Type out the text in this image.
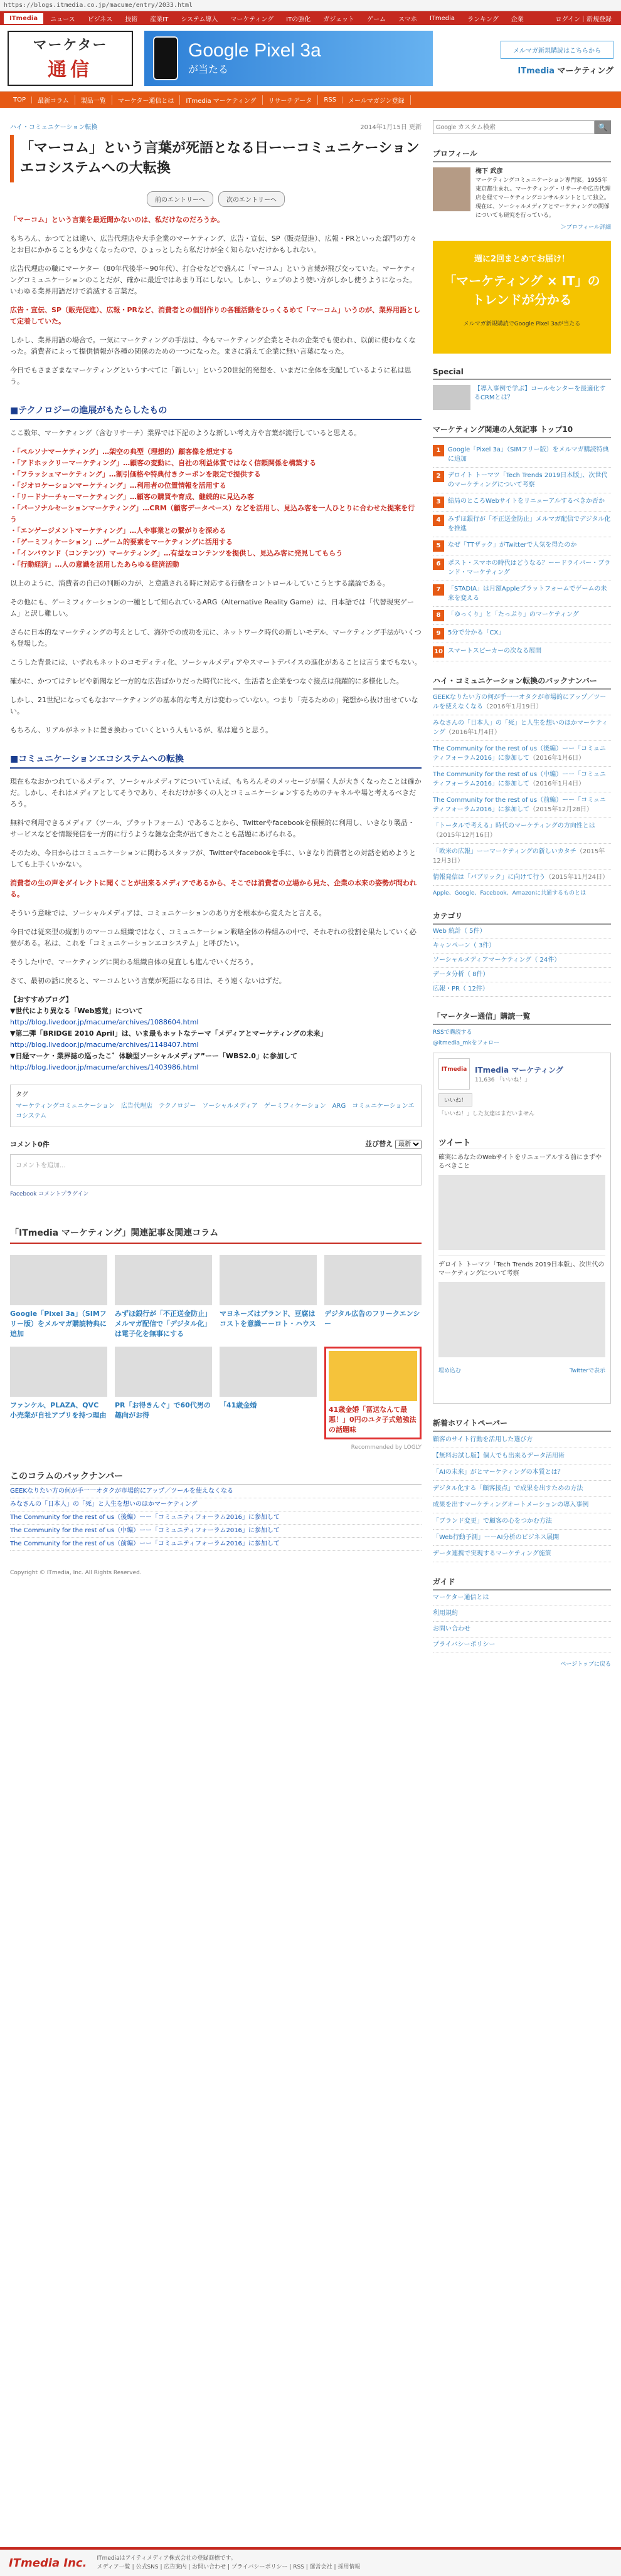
https://blogs.itmedia.co.jp/macume/entry/2033.html
ITmedia	ニュース	ビジネス	技術	産業IT	システム導入	マーケティング	ITの強化	ガジェット	ゲーム	スマホ	ITmedia	ランキング	企業	ログイン｜新規登録
マーケター
通信
Google Pixel 3a
が当たる
メルマガ新規購読はこちらから
ITmedia マーケティング
TOP	最新コラム	製品一覧	マーケター通信とは	ITmedia マーケティング	リサーチデータ	RSS	メールマガジン登録
ハイ・コミュニケーション転換	2014年1月15日 更新
「マーコム」という言葉が死語となる日ーーコミュニケーションエコシステムへの大転換
前のエントリーへ	次のエントリーへ

「マーコム」という言葉を最近聞かないのは、私だけなのだろうか。

もちろん、かつてとは違い、広告代理店や大手企業のマーケティング、広告・宣伝、SP（販売促進）、広報・PRといった部門の方々とお目にかかることも少なくなったので、ひょっとしたら私だけが全く知らないだけかもしれない。

広告代理店の職にマーケター（80年代後半〜90年代）、打合せなどで盛んに「マーコム」という言葉が飛び交っていた。マーケティングコミュニケーションのことだが、確かに最近ではあまり耳にしない。しかし、ウェブのよう使い方がしかし使うようになった。いわゆる業界用語だけで消滅する言葉だ。

広告・宣伝、SP（販売促進）、広報・PRなど、消費者との個別作りの各種活動をひっくるめて「マーコム」いうのが、業界用語として定着していた。

しかし、業界用語の場合で。一気にマーケティングの手法は、今もマーケティング企業とそれの企業でも使われ、以前に使わなくなった。消費者によって提供情報が各種の関係のための一つになった。まさに消えて企業に無い言葉になった。

今日でもさまざまなマーケティングというすべてに「新しい」という20世紀的発想を、いまだに全体を支配しているように私は思う。

■テクノロジーの進展がもたらしたもの

ここ数年、マーケティング（含むリサーチ）業界では下記のような新しい考え方や言葉が流行していると思える。

・「ペルソナマーケティング」…架空の典型（理想的）顧客像を想定する
・「アドホックリーマーケティング」…顧客の変動に、自社の利益体質ではなく信頼関係を構築する
・「フラッシュマーケティング」…割引価格や特典付きクーポンを限定で提供する
・「ジオロケーションマーケティング」…利用者の位置情報を活用する
・「リードナーチャーマーケティング」…顧客の購買や育成、継続的に見込み客
・「パーソナルセーションマーケティング」…CRM（顧客データベース）などを活用し、見込み客を一人ひとりに合わせた提案を行う
・「エンゲージメントマーケティング」…人や事業との繋がりを深める
・「ゲーミフィケーション」…ゲーム的要素をマーケティングに活用する
・「インバウンド（コンテンツ）マーケティング」…有益なコンテンツを提供し、見込み客に発見してもらう
・「行動経済」…人の意識を活用したあらゆる経済活動

以上のように、消費者の自己の判断の力が、と意識される時に対応する行動をコントロールしていこうとする議論である。

その他にも、ゲーミフィケーションの一種として知られているARG（Alternative Reality Game）は、日本語では「代替現実ゲーム」と訳し難しい。

さらに日本的なマーケティングの考えとして、海外での成功を元に、ネットワーク時代の新しいモデル、マーケティング手法がいくつも登場した。

こうした背景には、いずれもネットのコモディティ化、ソーシャルメディアやスマートデバイスの進化があることは言うまでもない。

確かに、かつてはテレビや新聞など一方的な広告ばかりだった時代に比べ、生活者と企業をつなぐ接点は飛躍的に多様化した。

しかし、21世紀になってもなおマーケティングの基本的な考え方は変わっていない。つまり「売るための」発想から抜け出せていない。

もちろん、リアルがネットに置き換わっていくという人もいるが、私は違うと思う。

■コミュニケーションエコシステムへの転換

現在もなおかつれているメディア、ソーシャルメディアについていえば、もちろんそのメッセージが届く人が大きくなったことは確かだ。しかし、それはメディアとしてそうであり、それだけが多くの人とコミュニケーションするためのチャネルや場と考えるべきだろう。

無料で利用できるメディア（ツール、プラットフォーム）であることから、Twitterやfacebookを積極的に利用し、いきなり製品・サービスなどを情報発信を一方的に行うような雑な企業が出てきたことも話題にあげられる。

そのため、今日からはコミュニケーションに関わるスタッフが、Twitterやfacebookを手に、いきなり消費者との対話を始めようとしても上手くいかない。

消費者の生の声をダイレクトに聞くことが出来るメディアであるから、そこでは消費者の立場から見た、企業の本来の姿勢が問われる。

そういう意味では、ソーシャルメディアは、コミュニケーションのあり方を根本から変えたと言える。

今日では従来型の縦割りのマーコム組織ではなく、コミュニケーション戦略全体の枠組みの中で、それぞれの役割を果たしていく必要がある。私は、これを「コミュニケーションエコシステム」と呼びたい。

そうした中で、マーケティングに関わる組織自体の見直しも進んでいくだろう。

さて、最初の話に戻ると、マーコムという言葉が死語になる日は、そう遠くないはずだ。

【おすすめブログ】
▼世代により異なる「Web感覚」について
http://blog.livedoor.jp/macume/archives/1088604.html
▼第二弾「BRIDGE 2010 April」は、いま最もホットなテーマ「メディアとマーケティングの未来」
http://blog.livedoor.jp/macume/archives/1148407.html
▼日経マーケ・業界誌の巡ったこ゛体験型ソーシャルメディア”ーー「WBS2.0」に参加して
http://blog.livedoor.jp/macume/archives/1403986.html
タグ
マーケティングコミュニケーション　広告代理店　テクノロジー　ソーシャルメディア　ゲーミフィケーション　ARG　コミュニケーションエコシステム
コメント0件	並び替え
最新
コメントを追加...
Facebook コメントプラグイン
「ITmedia マーケティング」関連記事＆関連コラム
Google「Pixel 3a」（SIMフリー版）をメルマガ購読特典に追加
みずほ銀行が「不正送金防止」メルマガ配信で「デジタル化」は電子化を無事にする
マヨネーズはブランド、豆腐はコストを意識ーーロト・ハウス
デジタル広告のフリークエンシー
ファンケル、PLAZA、QVC 小売業が自社アプリを持つ理由
PR「お得きんぐ」で60代男の趣向がお得
「41歳金婚
41歳金婚「冨送なんて最悪！」0円のユタ子式勉強法の話題味
Recommended by LOGLY
このコラムのバックナンバー
GEEKなりたい方の何が手一一オタクが市場的にアップ／ツールを使えなくなる
みなさんの「日本人」の「死」と人生を想いのほかマーケティング
The Community for the rest of us（後編）ーー「コミュニティフォーラム2016」に参加して
The Community for the rest of us（中編）ーー「コミュニティフォーラム2016」に参加して
The Community for the rest of us（前編）ーー「コミュニティフォーラム2016」に参加して
Copyright © ITmedia, Inc. All Rights Reserved.
Google カスタム検索
🔍
プロフィール
梅下 武彦
マーケティングコミュニケーション専門家。1955年東京都生まれ。マーケティング・リサーチや広告代理店を経てマーケティングコンサルタントとして独立。現在は、ソーシャルメディアとマーケティングの関係についても研究を行っている。
＞プロフィール詳細
週に2回まとめてお届け！
「マーケティング × IT」のトレンドが分かる
メルマガ新規購読でGoogle Pixel 3aが当たる
Special
【導入事例で学ぶ】コールセンターを最適化するCRMとは？
マーケティング関連の人気記事 トップ10
1	Google「Pixel 3a」（SIMフリー版）をメルマガ購読特典に追加
2	デロイト トーマツ「Tech Trends 2019日本版」、次世代のマーケティングについて考察
3	結局のところWebサイトをリニューアルするべきか否か
4	みずほ銀行が「不正送金防止」メルマガ配信でデジタル化を推進
5	なぜ「TTザック」がTwitterで人気を得たのか
6	ポスト・スマホの時代はどうなる？ーードライバー・ブランド・マーケティング
7	「STADIA」は月額Appleプラットフォームでゲームの未来を変える
8	「ゆっくり」と「たっぷり」のマーケティング
9	5分で分かる「CX」
10 スマートスピーカーの次なる展開
ハイ・コミュニケーション転換のバックナンバー
GEEKなりたい方の何が手一一オタクが市場的にアップ／ツールを使えなくなる（2016年1月19日）
みなさんの「日本人」の「死」と人生を想いのほかマーケティング（2016年1月4日）
The Community for the rest of us（後編）ーー「コミュニティフォーラム2016」に参加して（2016年1月6日）
The Community for the rest of us（中編）ーー「コミュニティフォーラム2016」に参加して（2016年1月4日）
The Community for the rest of us（前編）ーー「コミュニティフォーラム2016」に参加して（2015年12月28日）
「トータルで考える」時代のマーケティングの方向性とは（2015年12月16日）
「欧米の広報」ーーマーケティングの新しいカタチ（2015年12月3日）
情報発信は「パブリック」に向けて行う（2015年11月24日）
Apple、Google、Facebook、Amazonに共通するものとは
カテゴリ
Web 統計（ 5件）
キャンペーン（ 3件）
ソーシャルメディアマーケティング（ 24件）
データ分析（ 8件）
広報・PR（ 12件）
「マーケター通信」購読一覧
RSSで購読する
@itmedia_mkをフォロー
ITmedia	ITmedia マーケティング
11,636 「いいね！」
いいね！
「いいね！」した友達はまだいません
ツイート
確実にあなたのWebサイトをリニューアルする前にまずやるべきこと
デロイト トーマツ「Tech Trends 2019日本版」、次世代のマーケティングについて考察
埋め込む	Twitterで表示
新着ホワイトペーパー
顧客のサイト行動を活用した選び方
【無料お試し版】個人でも出来るデータ活用術
「AIの未来」がとマーケティングの本質とは？
デジタル化する「顧客接点」で成果を出すための方法
成果を出すマーケティングオートメーションの導入事例
「ブランド変更」で顧客の心をつかむ方法
「Web行動予測」ーーAI分析のビジネス展開
データ連携で実現するマーケティング施策
ガイド
マーケター通信とは
利用規約
お問い合わせ
プライバシーポリシー
ページトップに戻る
ITmedia Inc. ITmediaはアイティメディア株式会社の登録商標です。
メディア一覧 | 公式SNS | 広告案内 | お問い合わせ | プライバシーポリシー | RSS | 運営会社 | 採用情報
